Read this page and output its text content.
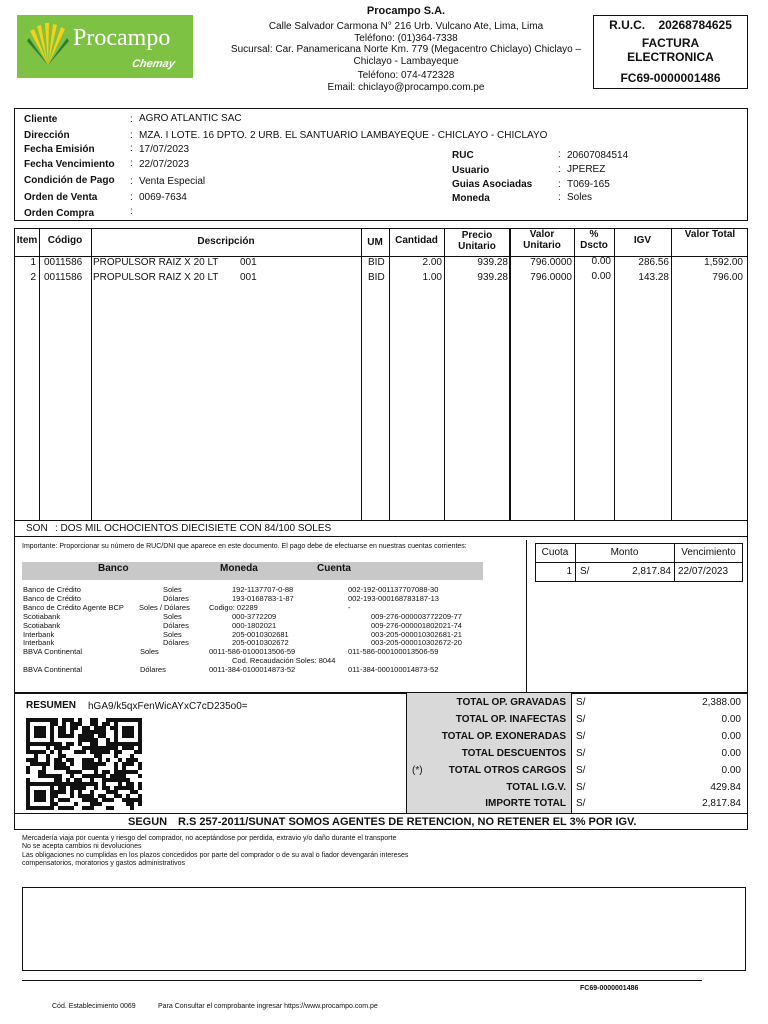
Procampo
Chemay
Procampo S.A.
Calle Salvador Carmona N° 216 Urb. Vulcano Ate, Lima, Lima
Teléfono: (01)364-7338
Sucursal: Car. Panamericana Norte Km. 779 (Megacentro Chiclayo) Chiclayo –
Chiclayo - Lambayeque
Teléfono: 074-472328
Email: chiclayo@procampo.com.pe
R.U.C. 20268784625
FACTURA
ELECTRONICA
FC69-0000001486
Cliente	: AGRO ATLANTIC SAC
Dirección	: MZA. I LOTE. 16 DPTO. 2 URB. EL SANTUARIO LAMBAYEQUE - CHICLAYO - CHICLAYO
Fecha Emisión	: 17/07/2023
Fecha Vencimiento : 22/07/2023
Condición de Pago : Venta Especial
Orden de Venta	: 0069-7634
Orden Compra	:
RUC	: 20607084514
Usuario	: JPEREZ
Guias Asociadas	: T069-165
Moneda	: Soles
Item	Código	Descripción	UM	Cantidad	Precio Unitario
Valor Unitario
% Dscto	IGV
Valor Total
1 0011586 PROPULSOR RAIZ X 20 LT 001	BID	2.00	939.28	796.0000	0.00	286.56	1,592.00
2 0011586 PROPULSOR RAIZ X 20 LT 001	BID	1.00	939.28	796.0000	0.00	143.28	796.00
SON : DOS MIL OCHOCIENTOS DIECISIETE CON 84/100 SOLES
Importante: Proporcionar su número de RUC/DNI que aparece en este documento. El pago debe de efectuarse en nuestras cuentas corrientes:
Banco	Moneda	Cuenta
Banco de Crédito	Soles	192-1137707-0-88	002-192-001137707088-30
Banco de Crédito	Dólares	193-0168783-1-87	002-193-000168783187-13
Banco de Crédito Agente BCP Soles / Dólares	Codigo: 02289	-
Scotiabank	Soles	000-3772209	009-276-000003772209-77
Scotiabank	Dólares	000-1802021	009-276-000001802021-74
Interbank	Soles	205-0010302681	003-205-000010302681-21
Interbank	Dólares	205-0010302672	003-205-000010302672-20
BBVA Continental	Soles	0011-586-0100013506-59	011-586-000100013506-59
Cod. Recaudación Soles: 8044
BBVA Continental	Dólares	0011-384-0100014873-52	011-384-000100014873-52
Cuota	Monto	Vencimiento
1 S/	2,817.84 22/07/2023
RESUMEN hGA9/k5qxFenWicAYxC7cD235o0=	TOTAL OP. GRAVADAS S/	2,388.00
TOTAL OP. INAFECTAS S/	0.00
TOTAL OP. EXONERADAS S/	0.00
TOTAL DESCUENTOS S/	0.00
TOTAL OTROS CARGOS
(*)	S/	0.00
TOTAL I.G.V. S/	429.84
IMPORTE TOTAL S/	2,817.84
SEGUN R.S 257-2011/SUNAT SOMOS AGENTES DE RETENCION, NO RETENER EL 3% POR IGV.
Mercadería viaja por cuenta y riesgo del comprador, no aceptándose por perdida, extravio y/o daño durante el transporte
No se acepta cambios ni devoluciones
Las obligaciones no cumplidas en los plazos concedidos por parte del comprador o de su aval o fiador devengarán intereses
compensatorios, moratorios y gastos administrativos
FC69-0000001486
Cód. Establecimiento 0069	Para Consultar el comprobante ingresar https://www.procampo.com.pe
